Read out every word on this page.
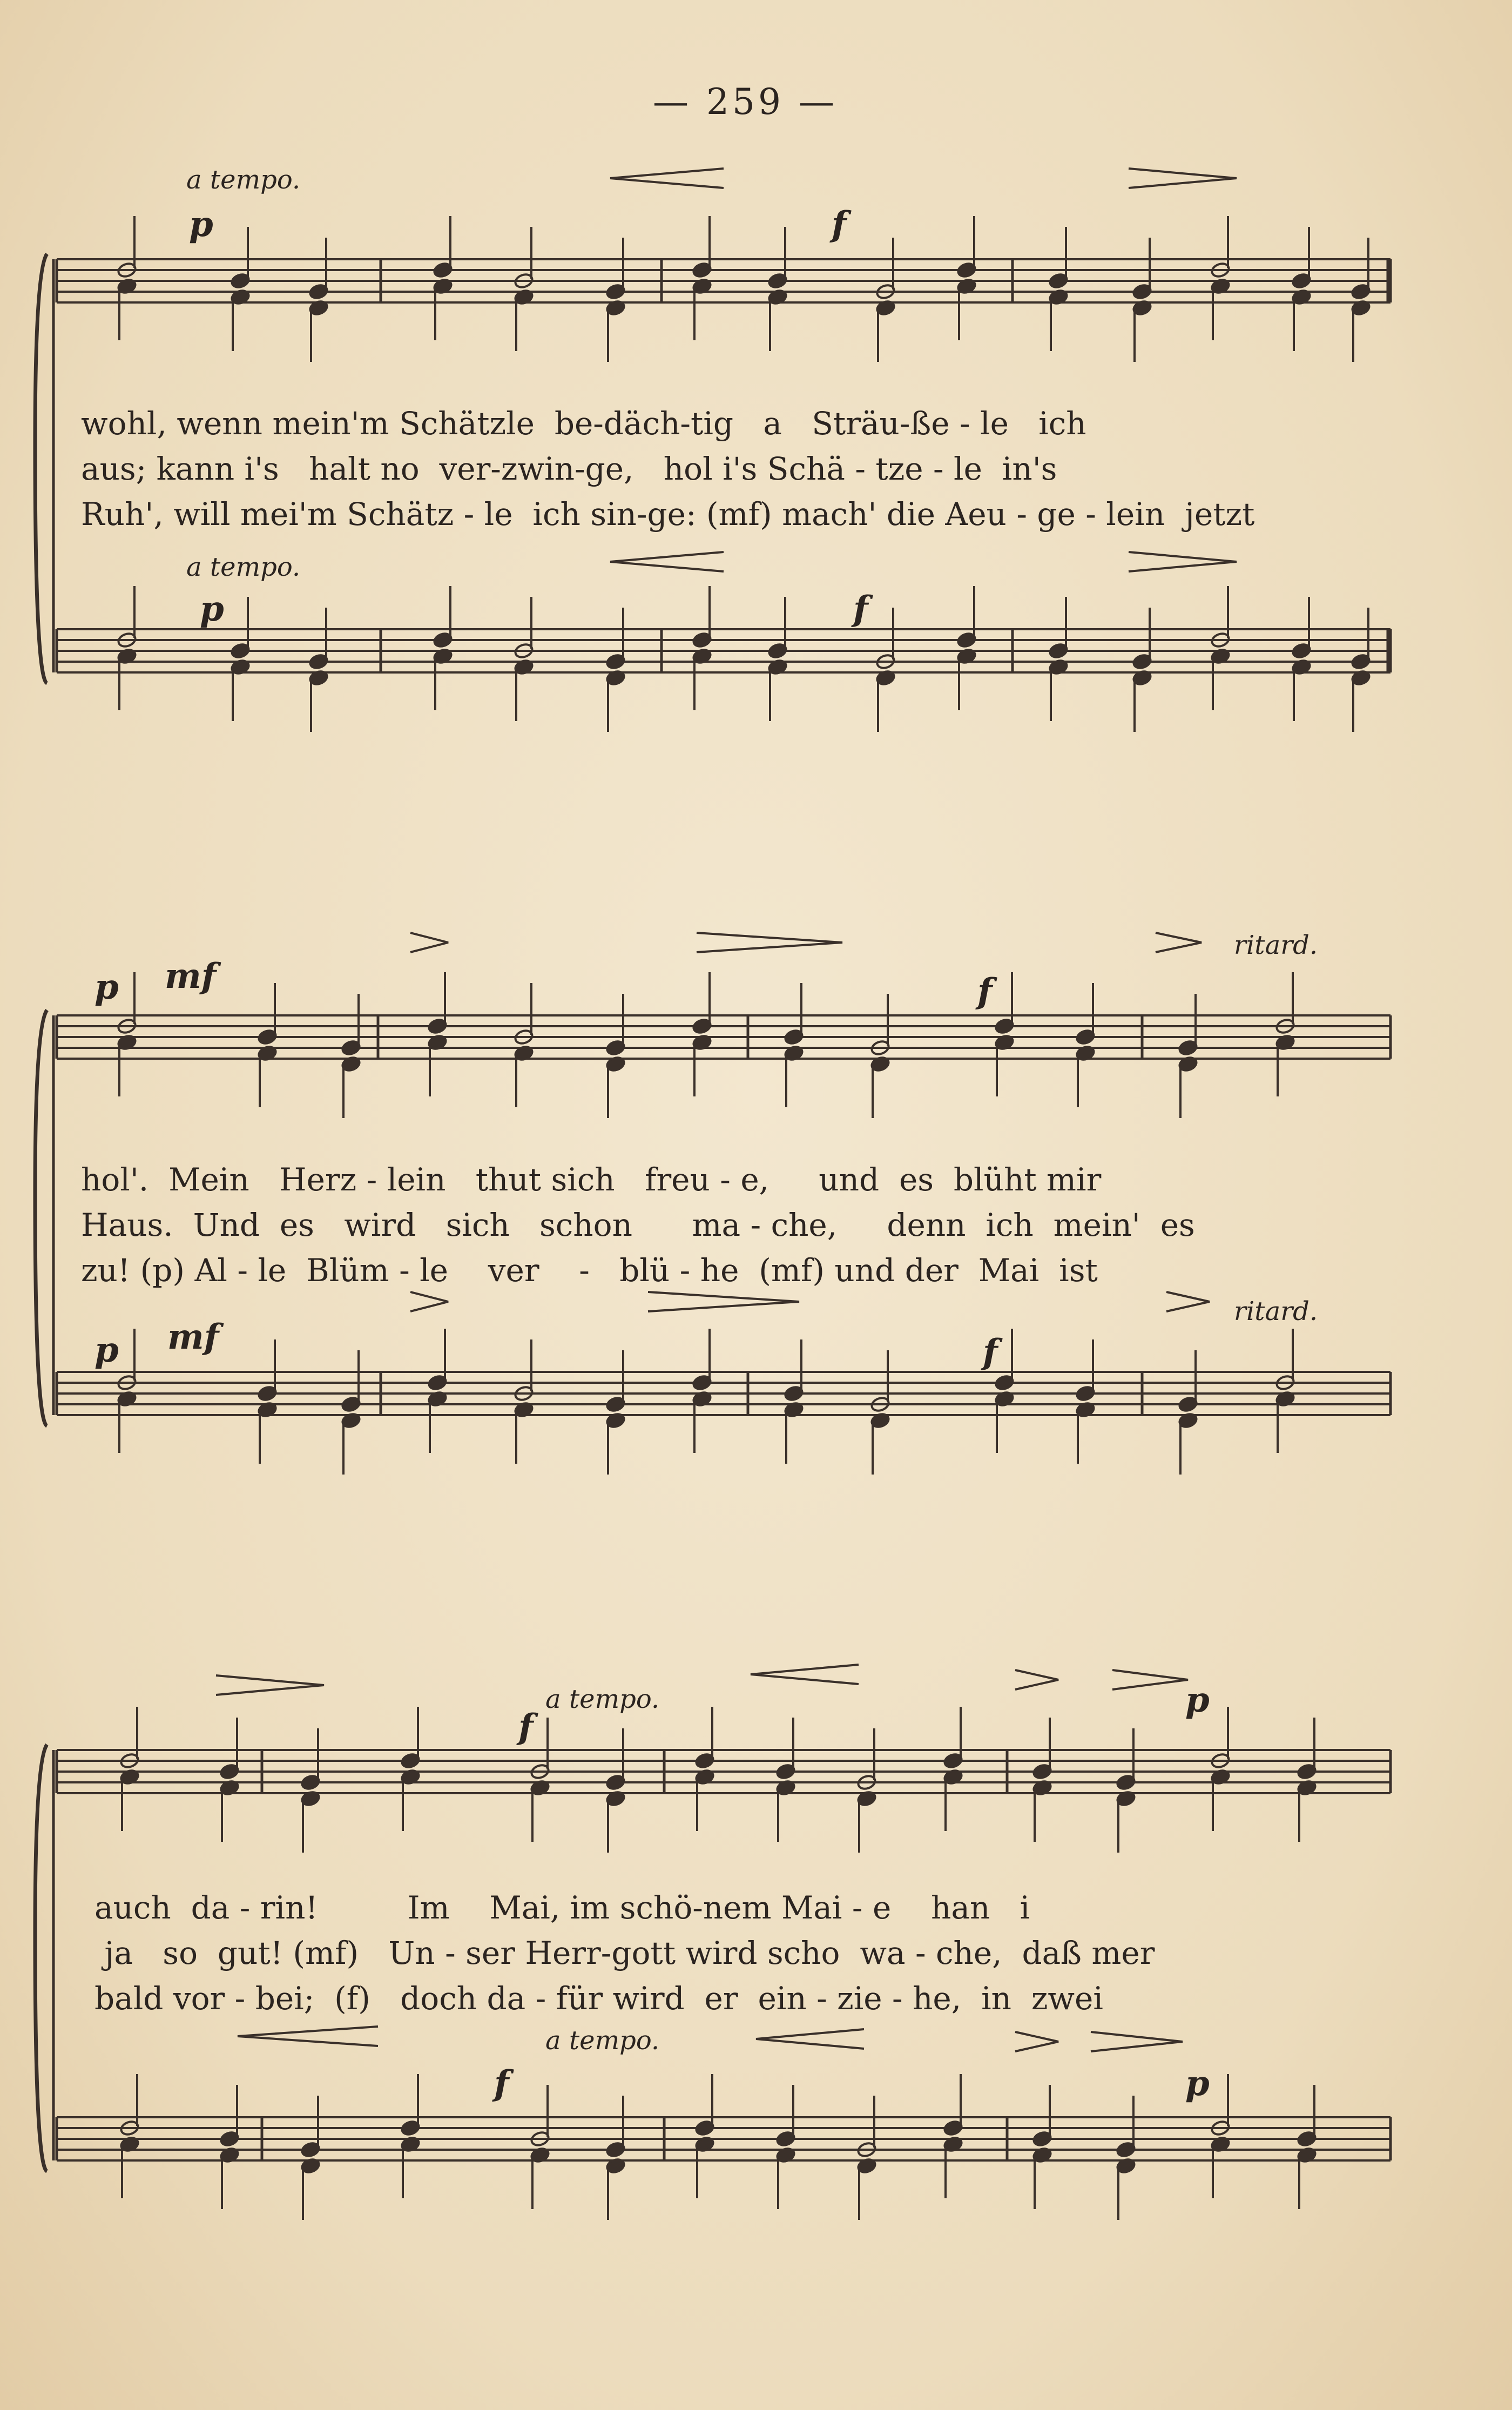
— 259 —
a tempo.
p	f
wohl, wenn mein'm Schätzle  be-däch-tig   a   Sträu-ße - le   ich
aus; kann i's   halt no  ver-zwin-ge,   hol i's Schä - tze - le  in's
Ruh', will mei'm Schätz - le  ich sin-ge: (mf) mach' die Aeu - ge - lein  jetzt
a tempo.
p	f
ritard.
p mf	f
hol'.  Mein   Herz - lein   thut sich   freu - e,     und  es  blüht mir
Haus.  Und  es   wird   sich   schon      ma - che,     denn  ich  mein'  es
zu! (p) Al - le  Blüm - le    ver    -   blü - he  (mf) und der  Mai  ist
ritard.
p mf	f
a tempo.
f
p
auch  da - rin!         Im    Mai, im schö-nem Mai - e    han   i
ja   so  gut! (mf)   Un - ser Herr-gott wird scho  wa - che,  daß mer
bald vor - bei;  (f)   doch da - für wird  er  ein - zie - he,  in  zwei
a tempo.
f	p
